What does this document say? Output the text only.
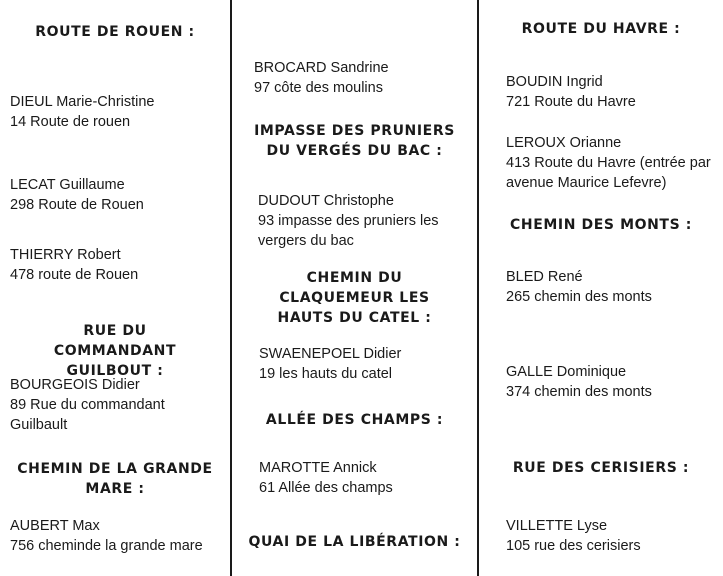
ROUTE DE ROUEN :
DIEUL Marie-Christine
14 Route de rouen
LECAT Guillaume
298 Route de Rouen
THIERRY Robert
478 route de Rouen
RUE DU COMMANDANT GUILBOUT :
BOURGEOIS Didier
89 Rue du commandant Guilbault
CHEMIN DE LA GRANDE MARE :
AUBERT Max
756 cheminde la grande mare
BROCARD Sandrine
97 côte des moulins
IMPASSE DES PRUNIERS DU VERGÉS DU BAC :
DUDOUT Christophe
93 impasse des pruniers les vergers du bac
CHEMIN DU CLAQUEMEUR LES HAUTS DU CATEL :
SWAENEPOEL Didier
19 les hauts du catel
ALLÉE DES CHAMPS :
MAROTTE Annick
61 Allée des champs
QUAI DE LA LIBÉRATION :
ROUTE DU HAVRE :
BOUDIN Ingrid
721 Route du Havre
LEROUX Orianne
413 Route du Havre (entrée par avenue Maurice Lefevre)
CHEMIN DES MONTS :
BLED René
265 chemin des monts
GALLE Dominique
374 chemin des monts
RUE DES CERISIERS :
VILLETTE Lyse
105 rue des cerisiers
